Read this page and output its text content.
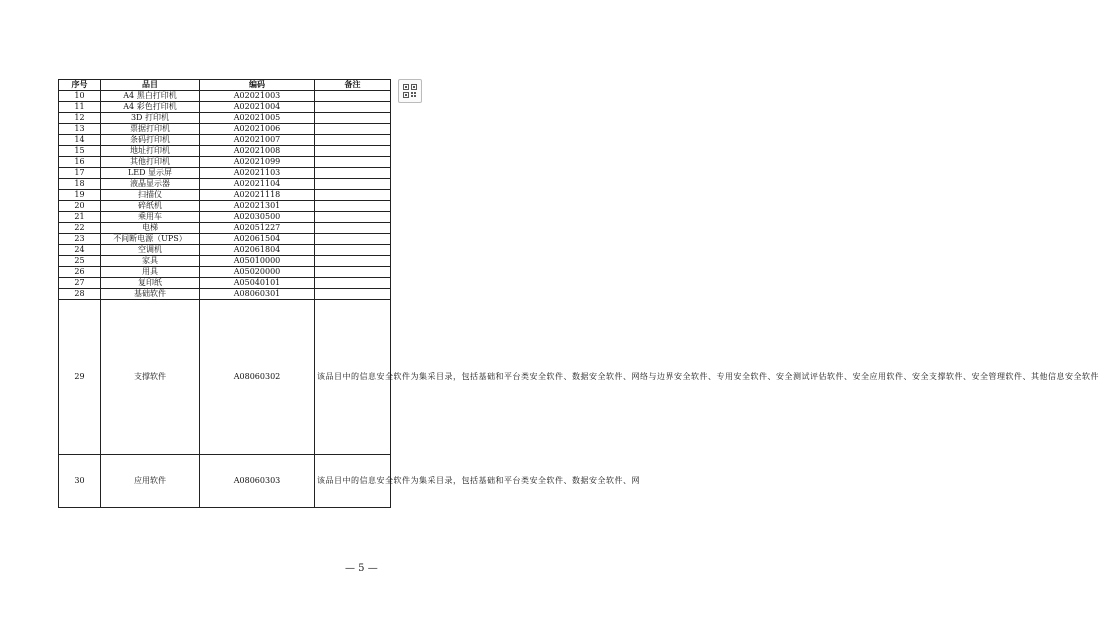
序号	品目	编码	备注
10	A4 黑白打印机	A02021003	
11	A4 彩色打印机	A02021004	
12	3D 打印机	A02021005	
13	票据打印机	A02021006	
14	条码打印机	A02021007	
15	地址打印机	A02021008	
16	其他打印机	A02021099	
17	LED 显示屏	A02021103	
18	液晶显示器	A02021104	
19	扫描仪	A02021118	
20	碎纸机	A02021301	
21	乘用车	A02030500	
22	电梯	A02051227	
23	不间断电源（UPS）	A02061504	
24	空调机	A02061804	
25	家具	A05010000	
26	用具	A05020000	
27	复印纸	A05040101	
28	基础软件	A08060301	
29	支撑软件	A08060302	该品目中的信息安全软件为集采目录，包括基础和平台类安全软件、数据安全软件、网络与边界安全软件、专用安全软件、安全测试评估软件、安全应用软件、安全支撑软件、安全管理软件、其他信息安全软件
30	应用软件	A08060303	该品目中的信息安全软件为集采目录，包括基础和平台类安全软件、数据安全软件、网
— 5 —
